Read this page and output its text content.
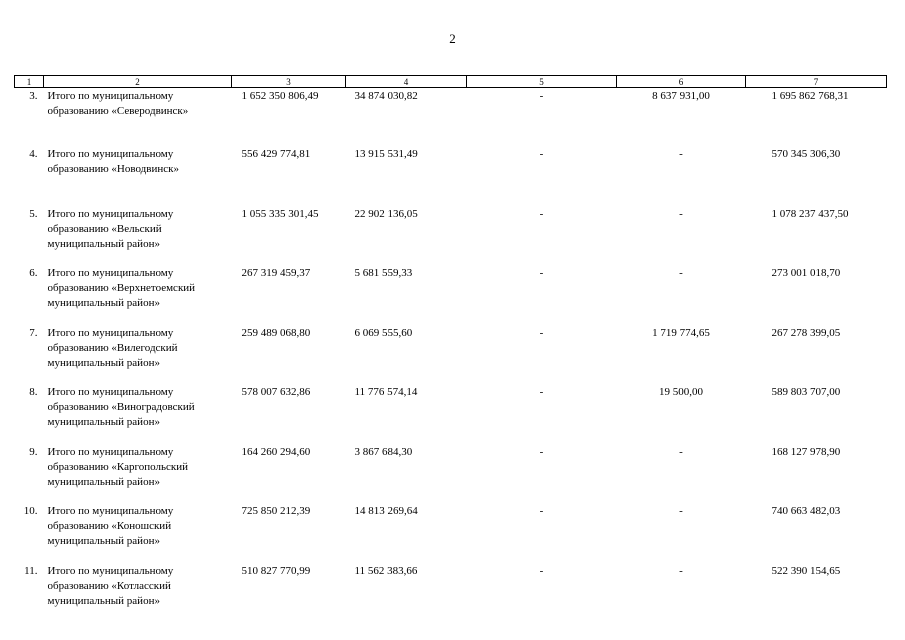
2
1	2	3	4	5	6	7
3.	Итого по муниципальному образованию «Северодвинск»	1 652 350 806,49	34 874 030,82	-	8 637 931,00	1 695 862 768,31
4.	Итого по муниципальному образованию «Новодвинск»	556 429 774,81	13 915 531,49	-	-	570 345 306,30
5.	Итого по муниципальному образованию «Вельский муниципальный район»	1 055 335 301,45	22 902 136,05	-	-	1 078 237 437,50
6.	Итого по муниципальному образованию «Верхнетоемский муниципальный район»	267 319 459,37	5 681 559,33	-	-	273 001 018,70
7.	Итого по муниципальному образованию «Вилегодский муниципальный район»	259 489 068,80	6 069 555,60	-	1 719 774,65	267 278 399,05
8.	Итого по муниципальному образованию «Виноградовский муниципальный район»	578 007 632,86	11 776 574,14	-	19 500,00	589 803 707,00
9.	Итого по муниципальному образованию «Каргопольский муниципальный район»	164 260 294,60	3 867 684,30	-	-	168 127 978,90
10.	Итого по муниципальному образованию «Коношский муниципальный район»	725 850 212,39	14 813 269,64	-	-	740 663 482,03
11.	Итого по муниципальному образованию «Котласский муниципальный район»	510 827 770,99	11 562 383,66	-	-	522 390 154,65
